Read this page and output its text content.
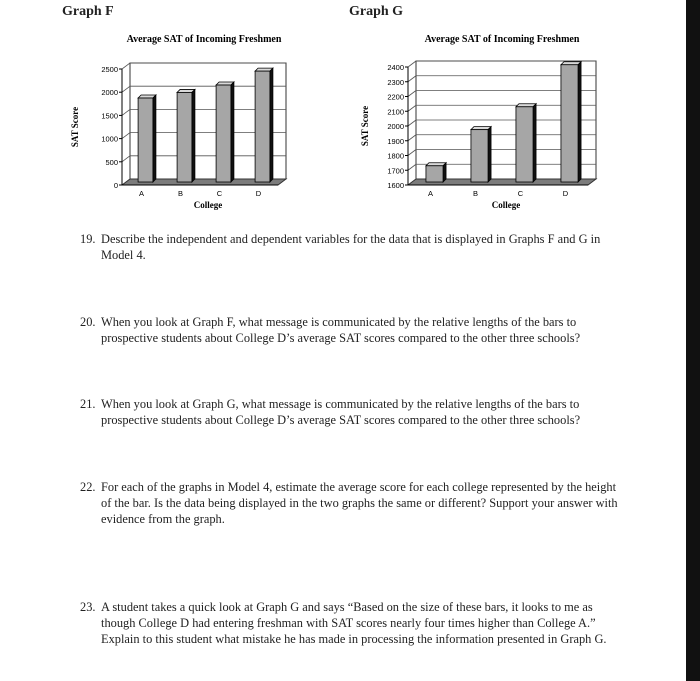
Graph F	Graph G
0
500
1000
1500
2000
2500
A	B	C	D
Average SAT of Incoming Freshmen
College
SAT Score
1600
1700
1800
1900
2000
2100
2200
2300
2400
A	B	C	D
Average SAT of Incoming Freshmen
College
SAT Score
19. Describe the independent and dependent variables for the data that is displayed in Graphs F and G in Model 4.
20. When you look at Graph F, what message is communicated by the relative lengths of the bars to prospective students about College D’s average SAT scores compared to the other three schools?
21. When you look at Graph G, what message is communicated by the relative lengths of the bars to prospective students about College D’s average SAT scores compared to the other three schools?
22. For each of the graphs in Model 4, estimate the average score for each college represented by the height of the bar. Is the data being displayed in the two graphs the same or different? Support your answer with evidence from the graph.
23. A student takes a quick look at Graph G and says “Based on the size of these bars, it looks to me as though College D had entering freshman with SAT scores nearly four times higher than College A.” Explain to this student what mistake he has made in processing the information presented in Graph G.
